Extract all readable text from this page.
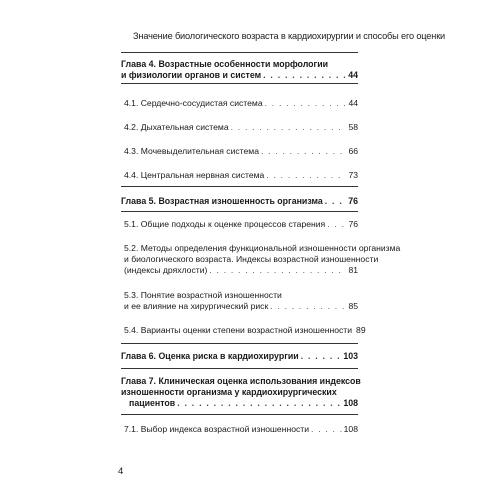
Значение биологического возраста в кардиохирургии и способы его оценки
Глава 4. Возрастные особенности морфологии
и физиологии органов и систем . . .	44
4.1. Сердечно-сосудистая система . . .	44
4.2. Дыхательная система . . .	58
4.3. Мочевыделительная система . . .	66
4.4. Центральная нервная система . . .	73
Глава 5. Возрастная изношенность организма . . .	76
5.1. Общие подходы к оценке процессов старения . . .	76
5.2. Методы определения функциональной изношенности организма
и биологического возраста. Индексы возрастной изношенности
(индексы дряхлости) . . .	81
5.3. Понятие возрастной изношенности
и ее влияние на хирургический риск . . .	85
5.4. Варианты оценки степени возрастной изношенности 89
Глава 6. Оценка риска в кардиохирургии . . .	103
Глава 7. Клиническая оценка использования индексов
изношенности организма у кардиохирургических
пациентов . . .	108
7.1. Выбор индекса возрастной изношенности . . .	108
4
